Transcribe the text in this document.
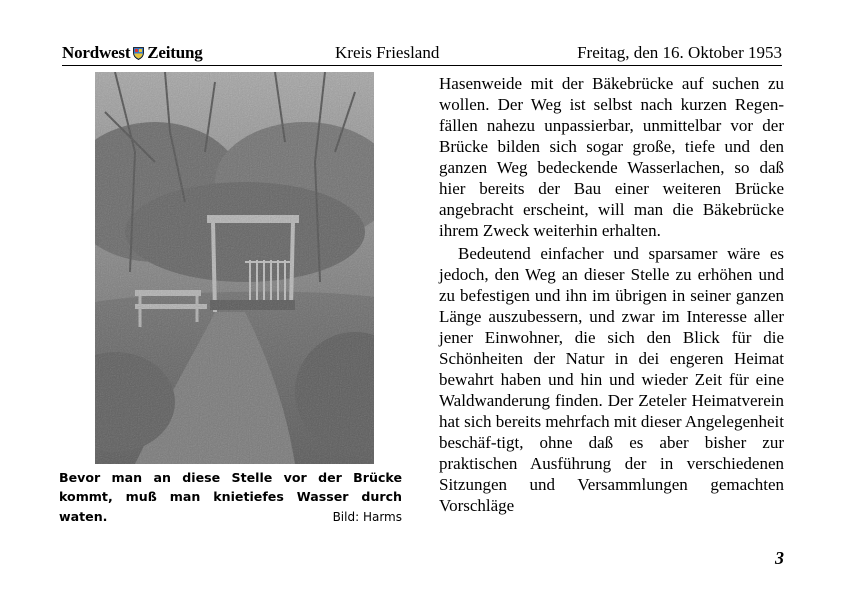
Nordwest Zeitung	Kreis Friesland	Freitag, den 16. Oktober 1953
Bevor man an diese Stelle vor der Brücke kommt, muß man knietiefes Wasser durch waten.	Bild: Harms

Hasenweide mit der Bäkebrücke auf suchen zu wollen. Der Weg ist selbst nach kurzen Regen-fällen nahezu unpassierbar, unmittelbar vor der Brücke bilden sich sogar große, tiefe und den ganzen Weg bedeckende Wasserlachen, so daß hier bereits der Bau einer weiteren Brücke angebracht erscheint, will man die Bäkebrücke ihrem Zweck weiterhin erhalten.

Bedeutend einfacher und sparsamer wäre es jedoch, den Weg an dieser Stelle zu erhöhen und zu befestigen und ihn im übrigen in seiner ganzen Länge auszubessern, und zwar im Interesse aller jener Einwohner, die sich den Blick für die Schönheiten der Natur in dei engeren Heimat bewahrt haben und hin und wieder Zeit für eine Waldwanderung finden. Der Zeteler Heimatverein hat sich bereits mehrfach mit dieser Angelegenheit beschäf-tigt, ohne daß es aber bisher zur praktischen Ausführung der in verschiedenen Sitzungen und Versammlungen gemachten Vorschläge

3
